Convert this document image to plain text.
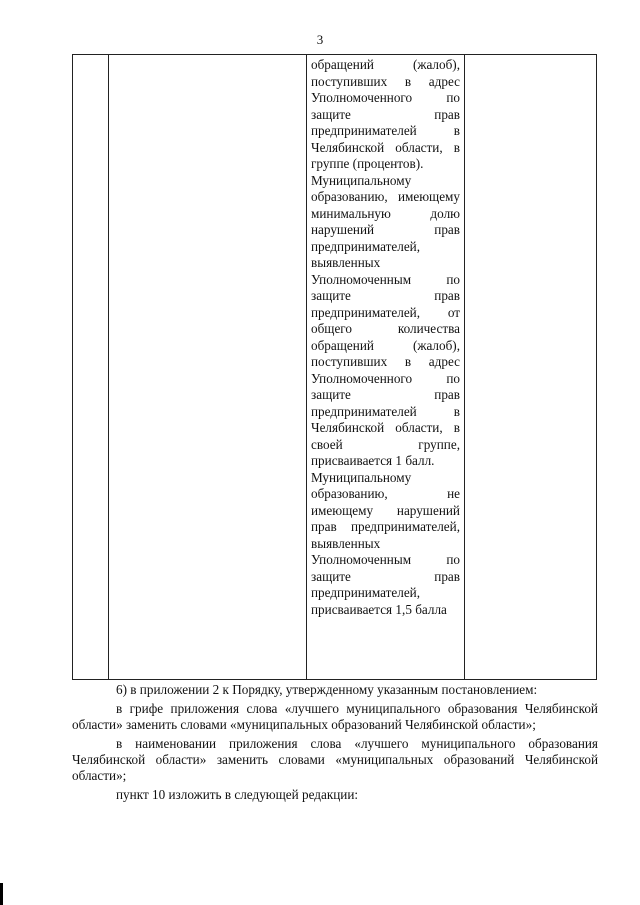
3

обращений (жалоб), поступивших в адрес Уполномоченного по защите прав предпринимателей в Челябинской области, в группе (процентов).
Муниципальному образованию, имеющему минимальную долю нарушений прав предпринимателей, выявленных Уполномоченным по защите прав предпринимателей, от общего количества обращений (жалоб), поступивших в адрес Уполномоченного по защите прав предпринимателей в Челябинской области, в своей группе, присваивается 1 балл.
Муниципальному образованию, не имеющему нарушений прав предпринимателей, выявленных Уполномоченным по защите прав предпринимателей, присваивается 1,5 балла

6) в приложении 2 к Порядку, утвержденному указанным постановлением:

в грифе приложения слова «лучшего муниципального образования Челябинской области» заменить словами «муниципальных образований Челябинской области»;

в наименовании приложения слова «лучшего муниципального образования Челябинской области» заменить словами «муниципальных образований Челябинской области»;

пункт 10 изложить в следующей редакции:
